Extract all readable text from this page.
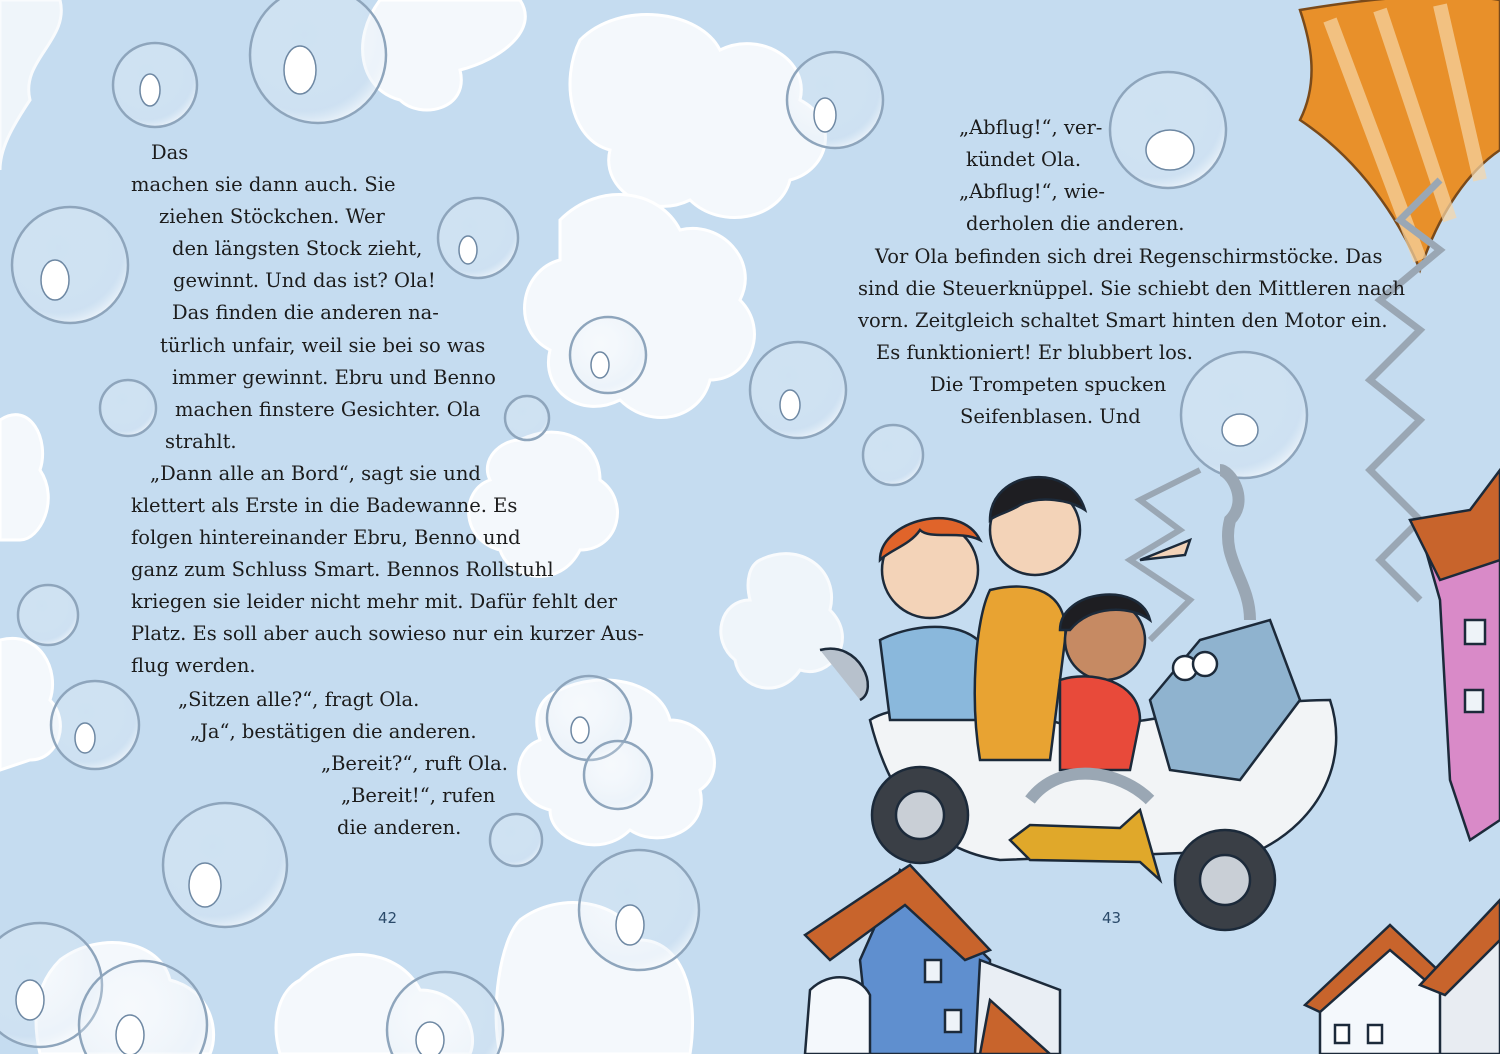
Das
machen sie dann auch. Sie
ziehen Stöckchen. Wer
den längsten Stock zieht,
gewinnt. Und das ist? Ola!
Das finden die anderen na-
türlich unfair, weil sie bei so was
immer gewinnt. Ebru und Benno
machen finstere Gesichter. Ola
strahlt.
„Dann alle an Bord“, sagt sie und
klettert als Erste in die Badewanne. Es
folgen hintereinander Ebru, Benno und
ganz zum Schluss Smart. Bennos Rollstuhl
kriegen sie leider nicht mehr mit. Dafür fehlt der
Platz. Es soll aber auch sowieso nur ein kurzer Aus-
flug werden.
„Sitzen alle?“, fragt Ola.
„Ja“, bestätigen die anderen.
„Bereit?“, ruft Ola.
„Bereit!“, rufen
die anderen.
42
„Abflug!“, ver-
kündet Ola.
„Abflug!“, wie-
derholen die anderen.
Vor Ola befinden sich drei Regenschirmstöcke. Das
sind die Steuerknüppel. Sie schiebt den Mittleren nach
vorn. Zeitgleich schaltet Smart hinten den Motor ein.
Es funktioniert! Er blubbert los.
Die Trompeten spucken
Seifenblasen. Und
43
